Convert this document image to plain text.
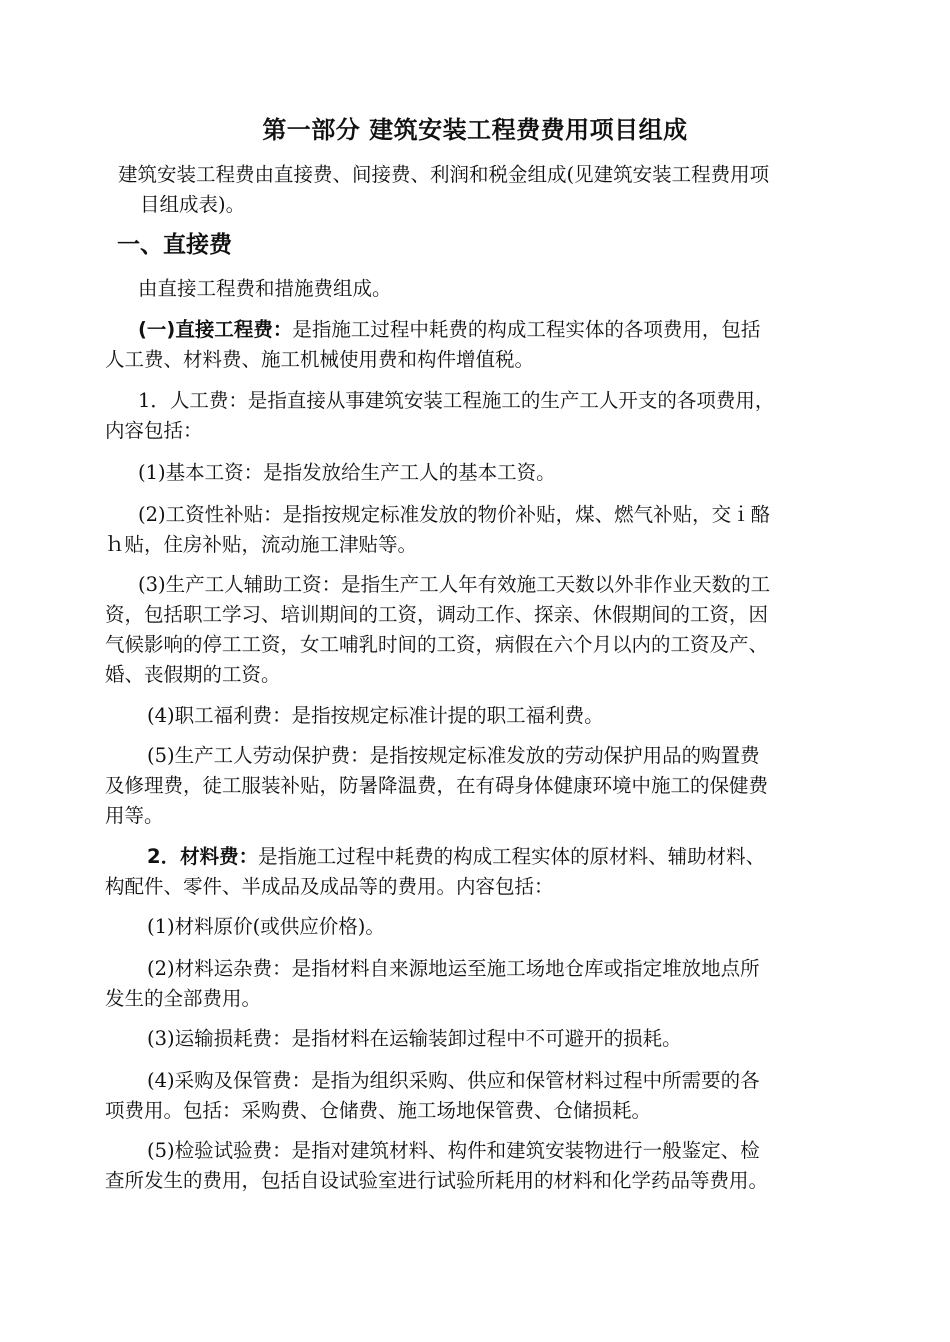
第一部分 建筑安装工程费费用项目组成
建筑安装工程费由直接费、间接费、利润和税金组成(见建筑安装工程费用项
目组成表)。
一、直接费
由直接工程费和措施费组成。
(一)直接工程费：是指施工过程中耗费的构成工程实体的各项费用，包括
人工费、材料费、施工机械使用费和构件增值税。
1．人工费：是指直接从事建筑安装工程施工的生产工人开支的各项费用，
内容包括：
(1)基本工资：是指发放给生产工人的基本工资。
(2)工资性补贴：是指按规定标准发放的物价补贴，煤、燃气补贴，交ｉ酪
ｈ贴，住房补贴，流动施工津贴等。
(3)生产工人辅助工资：是指生产工人年有效施工天数以外非作业天数的工
资，包括职工学习、培训期间的工资，调动工作、探亲、休假期间的工资，因
气候影响的停工工资，女工哺乳时间的工资，病假在六个月以内的工资及产、
婚、丧假期的工资。
(4)职工福利费：是指按规定标准计提的职工福利费。
(5)生产工人劳动保护费：是指按规定标准发放的劳动保护用品的购置费
及修理费，徒工服装补贴，防暑降温费，在有碍身体健康环境中施工的保健费
用等。
2．材料费：是指施工过程中耗费的构成工程实体的原材料、辅助材料、
构配件、零件、半成品及成品等的费用。内容包括：
(1)材料原价(或供应价格)。
(2)材料运杂费：是指材料自来源地运至施工场地仓库或指定堆放地点所
发生的全部费用。
(3)运输损耗费：是指材料在运输装卸过程中不可避开的损耗。
(4)采购及保管费：是指为组织采购、供应和保管材料过程中所需要的各
项费用。包括：采购费、仓储费、施工场地保管费、仓储损耗。
(5)检验试验费：是指对建筑材料、构件和建筑安装物进行一般鉴定、检
查所发生的费用，包括自设试验室进行试验所耗用的材料和化学药品等费用。
